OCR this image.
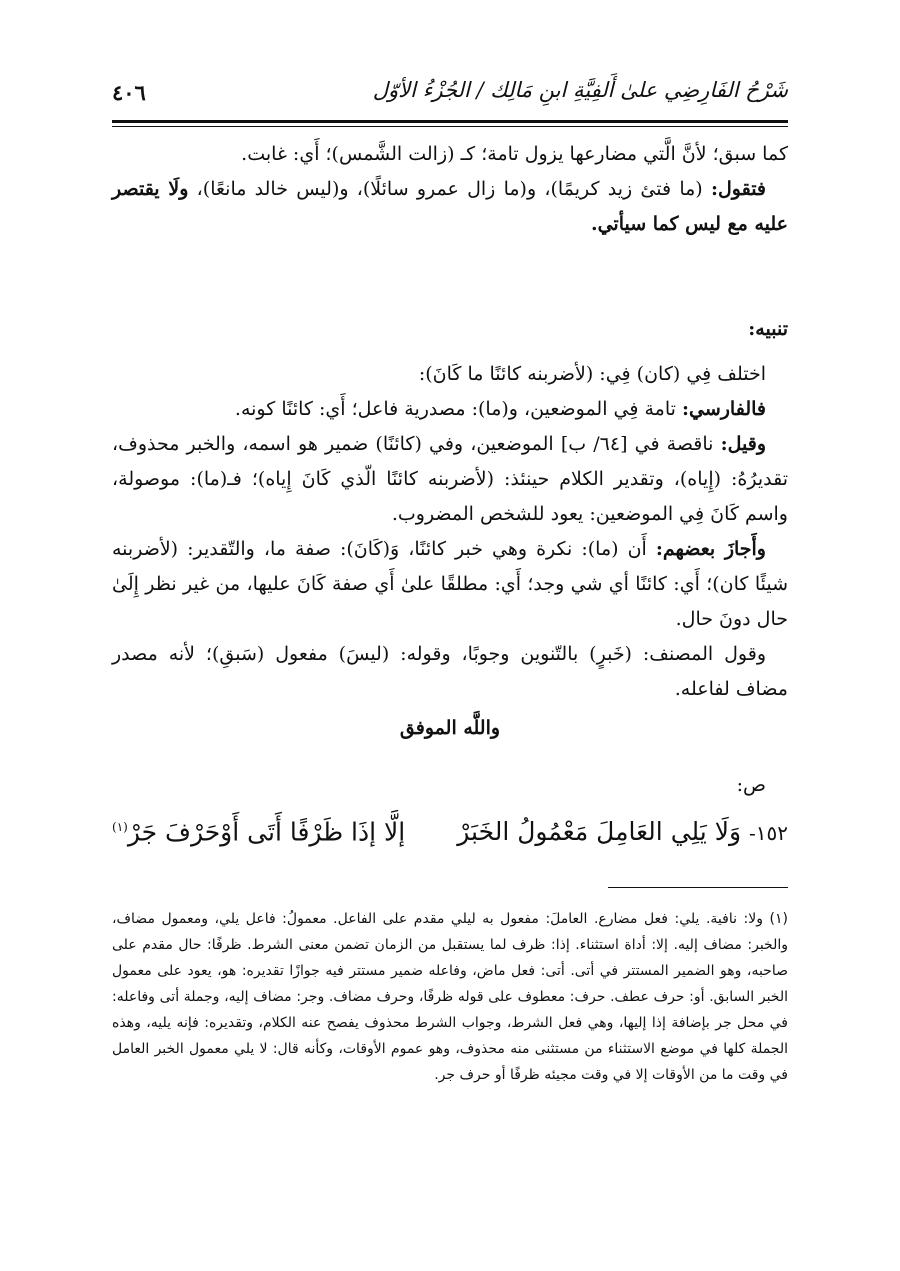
شَرْحُ الفَارِضِي علىٰ أَلفِيَّةِ ابنِ مَالِك / الجُزْءُ الأوّل
٤٠٦

كما سبق؛ لأنَّ الَّتي مضارعها يزول تامة؛ كـ (زالت الشَّمس)؛ أَي: غابت.

فتقول: (ما فتئ زيد كريمًا)، و(ما زال عمرو سائلًا)، و(ليس خالد مانعًا)، ولَا يقتصر عليه مع ليس كما سيأتي.

تنبيه:

اختلف فِي (كان) فِي: (لأضربنه كائنًا ما كَانَ):

فالفارسي: تامة فِي الموضعين، و(ما): مصدرية فاعل؛ أَي: كائنًا كونه.

وقيل: ناقصة في [٦٤/ ب] الموضعين، وفي (كائنًا) ضمير هو اسمه، والخبر محذوف، تقديرُهُ: (إِياه)، وتقدير الكلام حينئذ: (لأضربنه كائنًا الّذي كَانَ إِياه)؛ فـ(ما): موصولة، واسم كَانَ فِي الموضعين: يعود للشخص المضروب.

وأَجازَ بعضهم: أَن (ما): نكرة وهي خبر كائنًا، وَ(كَانَ): صفة ما، والتّقدير: (لأضربنه شيئًا كان)؛ أَي: كائنًا أي شي وجد؛ أَي: مطلقًا علىٰ أَي صفة كَانَ عليها، من غير نظر إِلَىٰ حال دونَ حال.

وقول المصنف: (خَبرٍ) بالتّنوين وجوبًا، وقوله: (ليسَ) مفعول (سَبقِ)؛ لأنه مصدر مضاف لفاعله.

واللَّه الموفق

ص:

١٥٢- وَلَا يَلِي العَامِلَ مَعْمُولُ الخَبَرْ
إلَّا إذَا ظَرْفًا أَتَى أَوْحَرْفَ جَرْ$^{(١)}$

(١) ولا: نافية. يلي: فعل مضارع. العاملَ: مفعول به ليلي مقدم على الفاعل. معمولُ: فاعل يلي، ومعمول مضاف، والخبر: مضاف إليه. إلا: أداة استثناء. إذا: ظرف لما يستقبل من الزمان تضمن معنى الشرط. ظرفًا: حال مقدم على صاحبه، وهو الضمير المستتر في أتى. أتى: فعل ماض، وفاعله ضمير مستتر فيه جوازًا تقديره: هو، يعود على معمول الخبر السابق. أو: حرف عطف. حرف: معطوف على قوله ظرفًا، وحرف مضاف. وجر: مضاف إليه، وجملة أتى وفاعله: في محل جر بإضافة إذا إليها، وهي فعل الشرط، وجواب الشرط محذوف يفصح عنه الكلام، وتقديره: فإنه يليه، وهذه الجملة كلها في موضع الاستثناء من مستثنى منه محذوف، وهو عموم الأوقات، وكأنه قال: لا يلي معمول الخبر العامل في وقت ما من الأوقات إلا في وقت مجيئه ظرفًا أو حرف جر.
